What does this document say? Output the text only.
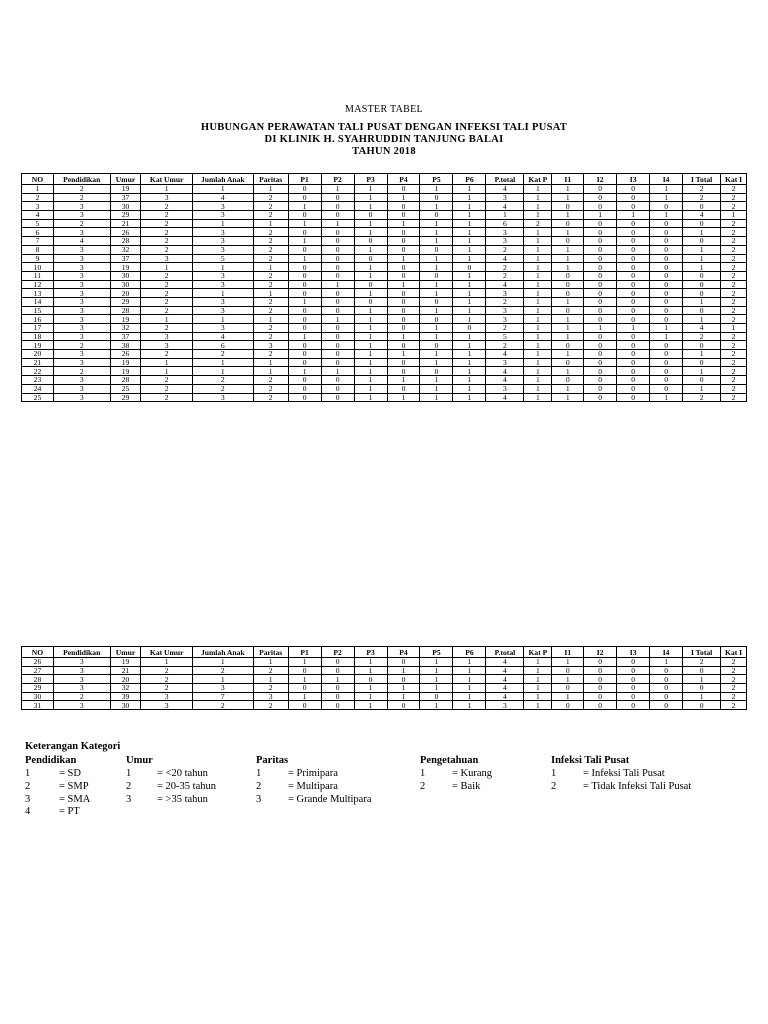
MASTER TABEL
HUBUNGAN PERAWATAN TALI PUSAT DENGAN INFEKSI TALI PUSAT
DI KLINIK H. SYAHRUDDIN TANJUNG BALAI
TAHUN 2018
NO	Pendidikan	Umur	Kat Umur	Jumlah Anak	Paritas	P1	P2	P3	P4	P5	P6	P.total	Kat P	I1	I2	I3	I4	I Total	Kat I
1	2	19	1	1	1	0	1	1	0	1	1	4	1	1	0	0	1	2	2
2	2	37	3	4	2	0	0	1	1	0	1	3	1	1	0	0	1	2	2
3	3	30	2	3	2	1	0	1	0	1	1	4	1	0	0	0	0	0	2
4	3	29	2	3	2	0	0	0	0	0	1	1	1	1	1	1	1	4	1
5	2	21	2	1	1	1	1	1	1	1	1	6	2	0	0	0	0	0	2
6	3	26	2	3	2	0	0	1	0	1	1	3	1	1	0	0	0	1	2
7	4	28	2	3	2	1	0	0	0	1	1	3	1	0	0	0	0	0	2
8	3	32	2	3	2	0	0	1	0	0	1	2	1	1	0	0	0	1	2
9	3	37	3	5	2	1	0	0	1	1	1	4	1	1	0	0	0	1	2
10	3	19	1	1	1	0	0	1	0	1	0	2	1	1	0	0	0	1	2
11	3	30	2	3	2	0	0	1	0	0	1	2	1	0	0	0	0	0	2
12	3	30	2	3	2	0	1	0	1	1	1	4	1	0	0	0	0	0	2
13	3	20	2	1	1	0	0	1	0	1	1	3	1	0	0	0	0	0	2
14	3	29	2	3	2	1	0	0	0	0	1	2	1	1	0	0	0	1	2
15	3	28	2	3	2	0	0	1	0	1	1	3	1	0	0	0	0	0	2
16	3	19	1	1	1	0	1	1	0	0	1	3	1	1	0	0	0	1	2
17	3	32	2	3	2	0	0	1	0	1	0	2	1	1	1	1	1	4	1
18	3	37	3	4	2	1	0	1	1	1	1	5	1	1	0	0	1	2	2
19	2	38	3	6	3	0	0	1	0	0	1	2	1	0	0	0	0	0	2
20	3	26	2	2	2	0	0	1	1	1	1	4	1	1	0	0	0	1	2
21	3	19	1	1	1	0	0	1	0	1	1	3	1	0	0	0	0	0	2
22	2	19	1	1	1	1	1	1	0	0	1	4	1	1	0	0	0	1	2
23	3	28	2	2	2	0	0	1	1	1	1	4	1	0	0	0	0	0	2
24	3	25	2	2	2	0	0	1	0	1	1	3	1	1	0	0	0	1	2
25	3	29	2	3	2	0	0	1	1	1	1	4	1	1	0	0	1	2	2
NO	Pendidikan	Umur	Kat Umur	Jumlah Anak	Paritas	P1	P2	P3	P4	P5	P6	P.total	Kat P	I1	I2	I3	I4	I Total	Kat I
26	3	19	1	1	1	1	0	1	0	1	1	4	1	1	0	0	1	2	2
27	3	21	2	2	2	0	0	1	1	1	1	4	1	0	0	0	0	0	2
28	3	20	2	1	1	1	1	0	0	1	1	4	1	1	0	0	0	1	2
29	3	32	2	3	2	0	0	1	1	1	1	4	1	0	0	0	0	0	2
30	2	39	3	7	3	1	0	1	1	0	1	4	1	1	0	0	0	1	2
31	3	30	3	2	2	0	0	1	0	1	1	3	1	0	0	0	0	0	2
Keterangan Kategori
Pendidikan
1	= SD
2	= SMP
3	= SMA
4	= PT
Umur
1 = <20 tahun
2 = 20-35 tahun
3 = >35 tahun
Paritas
1	= Primipara
2	= Multipara
3	= Grande Multipara
Pengetahuan
1	= Kurang
2	= Baik
Infeksi Tali Pusat
1	= Infeksi Tali Pusat
2	= Tidak Infeksi Tali Pusat
